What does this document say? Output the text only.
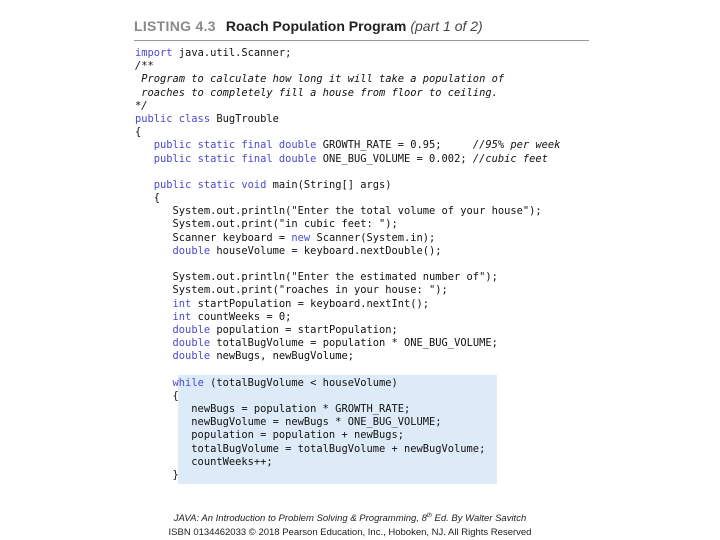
LISTING 4.3 Roach Population Program (part 1 of 2)
import java.util.Scanner;
/**
Program to calculate how long it will take a population of
roaches to completely fill a house from floor to ceiling.
*/
public class BugTrouble
{
public static final double GROWTH_RATE = 0.95;     //95% per week
public static final double ONE_BUG_VOLUME = 0.002; //cubic feet
public static void main(String[] args)
{
System.out.println("Enter the total volume of your house");
System.out.print("in cubic feet: ");
Scanner keyboard = new Scanner(System.in);
double houseVolume = keyboard.nextDouble();
System.out.println("Enter the estimated number of");
System.out.print("roaches in your house: ");
int startPopulation = keyboard.nextInt();
int countWeeks = 0;
double population = startPopulation;
double totalBugVolume = population * ONE_BUG_VOLUME;
double newBugs, newBugVolume;
while (totalBugVolume < houseVolume)
{
newBugs = population * GROWTH_RATE;
newBugVolume = newBugs * ONE_BUG_VOLUME;
population = population + newBugs;
totalBugVolume = totalBugVolume + newBugVolume;
countWeeks++;
}
JAVA: An Introduction to Problem Solving & Programming, 8th Ed. By Walter Savitch
ISBN 0134462033 © 2018 Pearson Education, Inc., Hoboken, NJ. All Rights Reserved
